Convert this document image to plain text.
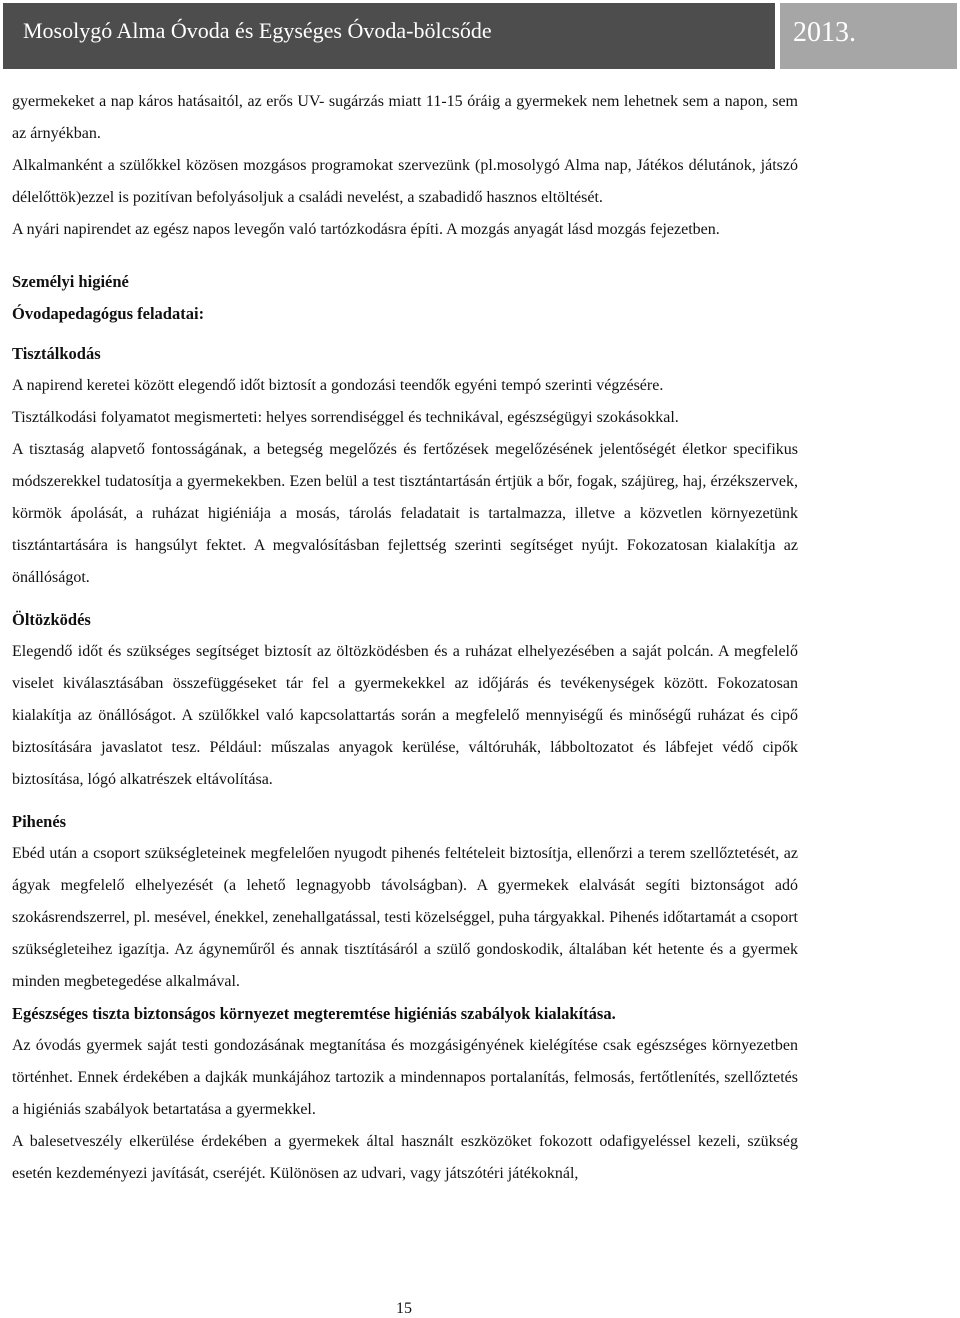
Mosolygó Alma Óvoda és Egységes Óvoda-bölcsőde	2013.

gyermekeket a nap káros hatásaitól, az erős UV- sugárzás miatt 11-15 óráig a gyermekek nem lehetnek sem a napon, sem az árnyékban.

Alkalmanként a szülőkkel közösen mozgásos programokat szervezünk (pl.mosolygó Alma nap, Játékos délutánok, játszó délelőttök)ezzel is pozitívan befolyásoljuk a családi nevelést, a szabadidő hasznos eltöltését.

A nyári napirendet az egész napos levegőn való tartózkodásra építi. A mozgás anyagát lásd mozgás fejezetben.

Személyi higiéné

Óvodapedagógus feladatai:

Tisztálkodás

A napirend keretei között elegendő időt biztosít a gondozási teendők egyéni tempó szerinti végzésére.

Tisztálkodási folyamatot megismerteti: helyes sorrendiséggel és technikával, egészségügyi szokásokkal.

A tisztaság alapvető fontosságának, a betegség megelőzés és fertőzések megelőzésének jelentőségét életkor specifikus módszerekkel tudatosítja a gyermekekben. Ezen belül a test tisztántartásán értjük a bőr, fogak, szájüreg, haj, érzékszervek, körmök ápolását, a ruházat higiéniája a mosás, tárolás feladatait is tartalmazza, illetve a közvetlen környezetünk tisztántartására is hangsúlyt fektet. A megvalósításban fejlettség szerinti segítséget nyújt. Fokozatosan kialakítja az önállóságot.

Öltözködés

Elegendő időt és szükséges segítséget biztosít az öltözködésben és a ruházat elhelyezésében a saját polcán. A megfelelő viselet kiválasztásában összefüggéseket tár fel a gyermekekkel az időjárás és tevékenységek között. Fokozatosan kialakítja az önállóságot. A szülőkkel való kapcsolattartás során a megfelelő mennyiségű és minőségű ruházat és cipő biztosítására javaslatot tesz. Például: műszalas anyagok kerülése, váltóruhák, lábboltozatot és lábfejet védő cipők biztosítása, lógó alkatrészek eltávolítása.

Pihenés

Ebéd után a csoport szükségleteinek megfelelően nyugodt pihenés feltételeit biztosítja, ellenőrzi a terem szellőztetését, az ágyak megfelelő elhelyezését (a lehető legnagyobb távolságban). A gyermekek elalvását segíti biztonságot adó szokásrendszerrel, pl. mesével, énekkel, zenehallgatással, testi közelséggel, puha tárgyakkal. Pihenés időtartamát a csoport szükségleteihez igazítja. Az ágyneműről és annak tisztításáról a szülő gondoskodik, általában két hetente és a gyermek minden megbetegedése alkalmával.

Egészséges tiszta biztonságos környezet megteremtése higiéniás szabályok kialakítása.

Az óvodás gyermek saját testi gondozásának megtanítása és mozgásigényének kielégítése csak egészséges környezetben történhet. Ennek érdekében a dajkák munkájához tartozik a mindennapos portalanítás, felmosás, fertőtlenítés, szellőztetés a higiéniás szabályok betartatása a gyermekkel.

A balesetveszély elkerülése érdekében a gyermekek által használt eszközöket fokozott odafigyeléssel kezeli, szükség esetén kezdeményezi javítását, cseréjét. Különösen az udvari, vagy játszótéri játékoknál,

15
